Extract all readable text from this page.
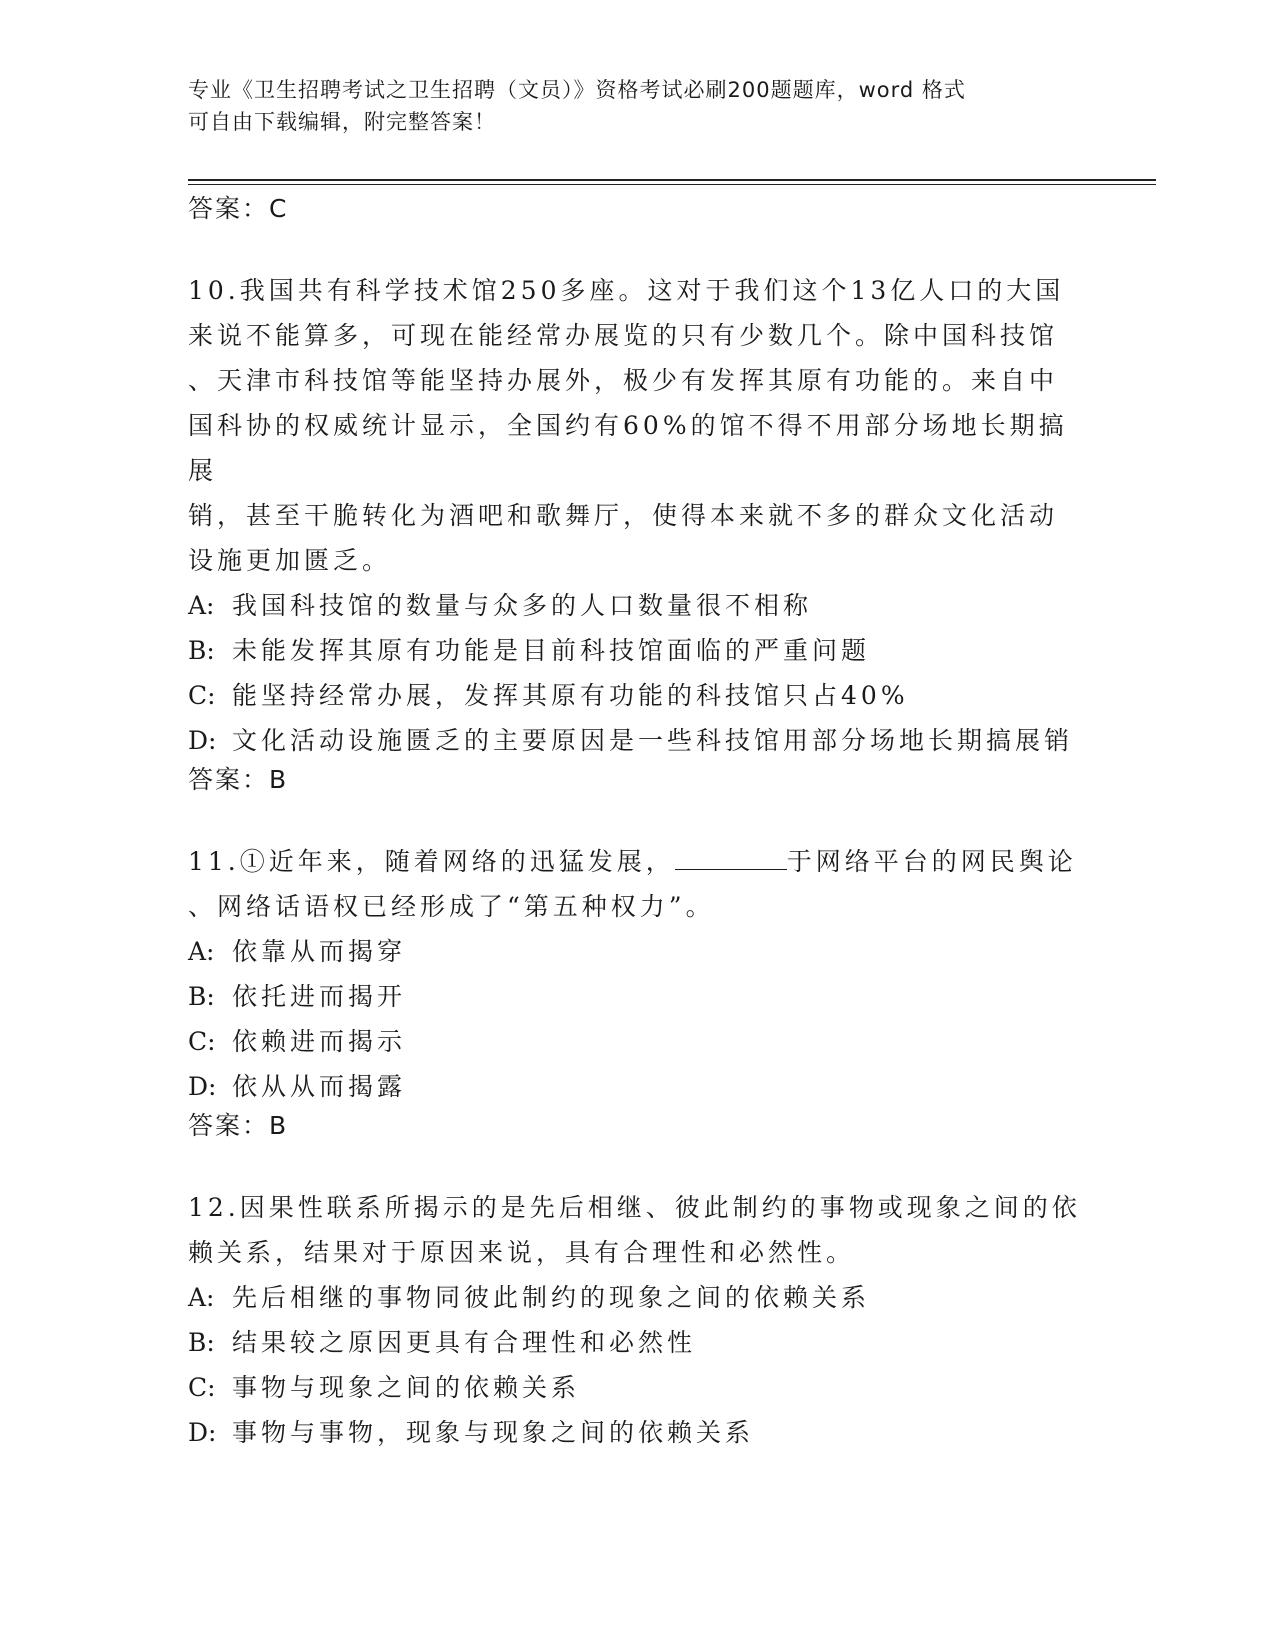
专业《卫生招聘考试之卫生招聘（文员）》资格考试必刷200题题库，word 格式
可自由下载编辑，附完整答案！

答案：C

10.我国共有科学技术馆250多座。这对于我们这个13亿人口的大国

来说不能算多，可现在能经常办展览的只有少数几个。除中国科技馆

、天津市科技馆等能坚持办展外，极少有发挥其原有功能的。来自中

国科协的权威统计显示，全国约有60%的馆不得不用部分场地长期搞展

销，甚至干脆转化为酒吧和歌舞厅，使得本来就不多的群众文化活动

设施更加匮乏。

A: 我国科技馆的数量与众多的人口数量很不相称

B: 未能发挥其原有功能是目前科技馆面临的严重问题

C: 能坚持经常办展，发挥其原有功能的科技馆只占40%

D: 文化活动设施匮乏的主要原因是一些科技馆用部分场地长期搞展销

答案：B

11.①近年来，随着网络的迅猛发展，	于网络平台的网民舆论

、网络话语权已经形成了“第五种权力”。

A: 依靠从而揭穿

B: 依托进而揭开

C: 依赖进而揭示

D: 依从从而揭露

答案：B

12.因果性联系所揭示的是先后相继、彼此制约的事物或现象之间的依

赖关系，结果对于原因来说，具有合理性和必然性。

A: 先后相继的事物同彼此制约的现象之间的依赖关系

B: 结果较之原因更具有合理性和必然性

C: 事物与现象之间的依赖关系

D: 事物与事物，现象与现象之间的依赖关系
